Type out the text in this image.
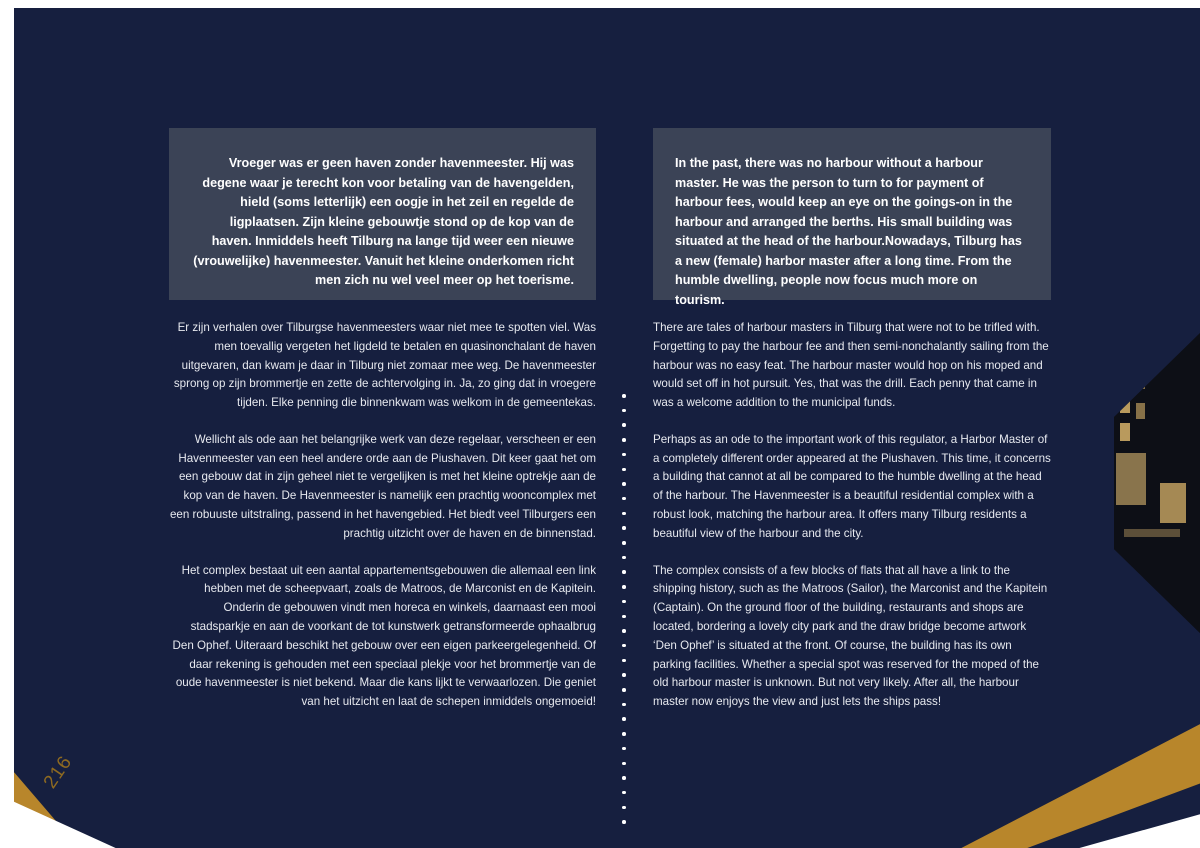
Vroeger was er geen haven zonder havenmeester. Hij was degene waar je terecht kon voor betaling van de havengelden, hield (soms letterlijk) een oogje in het zeil en regelde de ligplaatsen. Zijn kleine gebouwtje stond op de kop van de haven. Inmiddels heeft Tilburg na lange tijd weer een nieuwe (vrouwelijke) havenmeester. Vanuit het kleine onderkomen richt men zich nu wel veel meer op het toerisme.

Er zijn verhalen over Tilburgse havenmeesters waar niet mee te spotten viel. Was men toevallig vergeten het ligdeld te betalen en quasinonchalant de haven uitgevaren, dan kwam je daar in Tilburg niet zomaar mee weg. De havenmeester sprong op zijn brommertje en zette de achtervolging in. Ja, zo ging dat in vroegere tijden. Elke penning die binnenkwam was welkom in de gemeentekas.

Wellicht als ode aan het belangrijke werk van deze regelaar, verscheen er een Havenmeester van een heel andere orde aan de Piushaven. Dit keer gaat het om een gebouw dat in zijn geheel niet te vergelijken is met het kleine optrekje aan de kop van de haven. De Havenmeester is namelijk een prachtig wooncomplex met een robuuste uitstraling, passend in het havengebied. Het biedt veel Tilburgers een prachtig uitzicht over de haven en de binnenstad.

Het complex bestaat uit een aantal appartementsgebouwen die allemaal een link hebben met de scheepvaart, zoals de Matroos, de Marconist en de Kapitein. Onderin de gebouwen vindt men horeca en winkels, daarnaast een mooi stadsparkje en aan de voorkant de tot kunstwerk getransformeerde ophaalbrug Den Ophef. Uiteraard beschikt het gebouw over een eigen parkeergelegenheid. Of daar rekening is gehouden met een speciaal plekje voor het brommertje van de oude havenmeester is niet bekend. Maar die kans lijkt te verwaarlozen. Die geniet van het uitzicht en laat de schepen inmiddels ongemoeid!

In the past, there was no harbour without a harbour master. He was the person to turn to for payment of harbour fees, would keep an eye on the goings-on in the harbour and arranged the berths. His small building was situated at the head of the harbour.Nowadays, Tilburg has a new (female) harbor master after a long time. From the humble dwelling, people now focus much more on tourism.

There are tales of harbour masters in Tilburg that were not to be trifled with. Forgetting to pay the harbour fee and then semi-nonchalantly sailing from the harbour was no easy feat. The harbour master would hop on his moped and would set off in hot pursuit. Yes, that was the drill. Each penny that came in was a welcome addition to the municipal funds.

Perhaps as an ode to the important work of this regulator, a Harbor Master of a completely different order appeared at the Piushaven. This time, it concerns a building that cannot at all be compared to the humble dwelling at the head of the harbour. The Havenmeester is a beautiful residential complex with a robust look, matching the harbour area. It offers many Tilburg residents a beautiful view of the harbour and the city.

The complex consists of a few blocks of flats that all have a link to the shipping history, such as the Matroos (Sailor), the Marconist and the Kapitein (Captain). On the ground floor of the building, restaurants and shops are located, bordering a lovely city park and the draw bridge become artwork ‘Den Ophef’ is situated at the front. Of course, the building has its own parking facilities. Whether a special spot was reserved for the moped of the old harbour master is unknown. But not very likely. After all, the harbour master now enjoys the view and just lets the ships pass!

216
